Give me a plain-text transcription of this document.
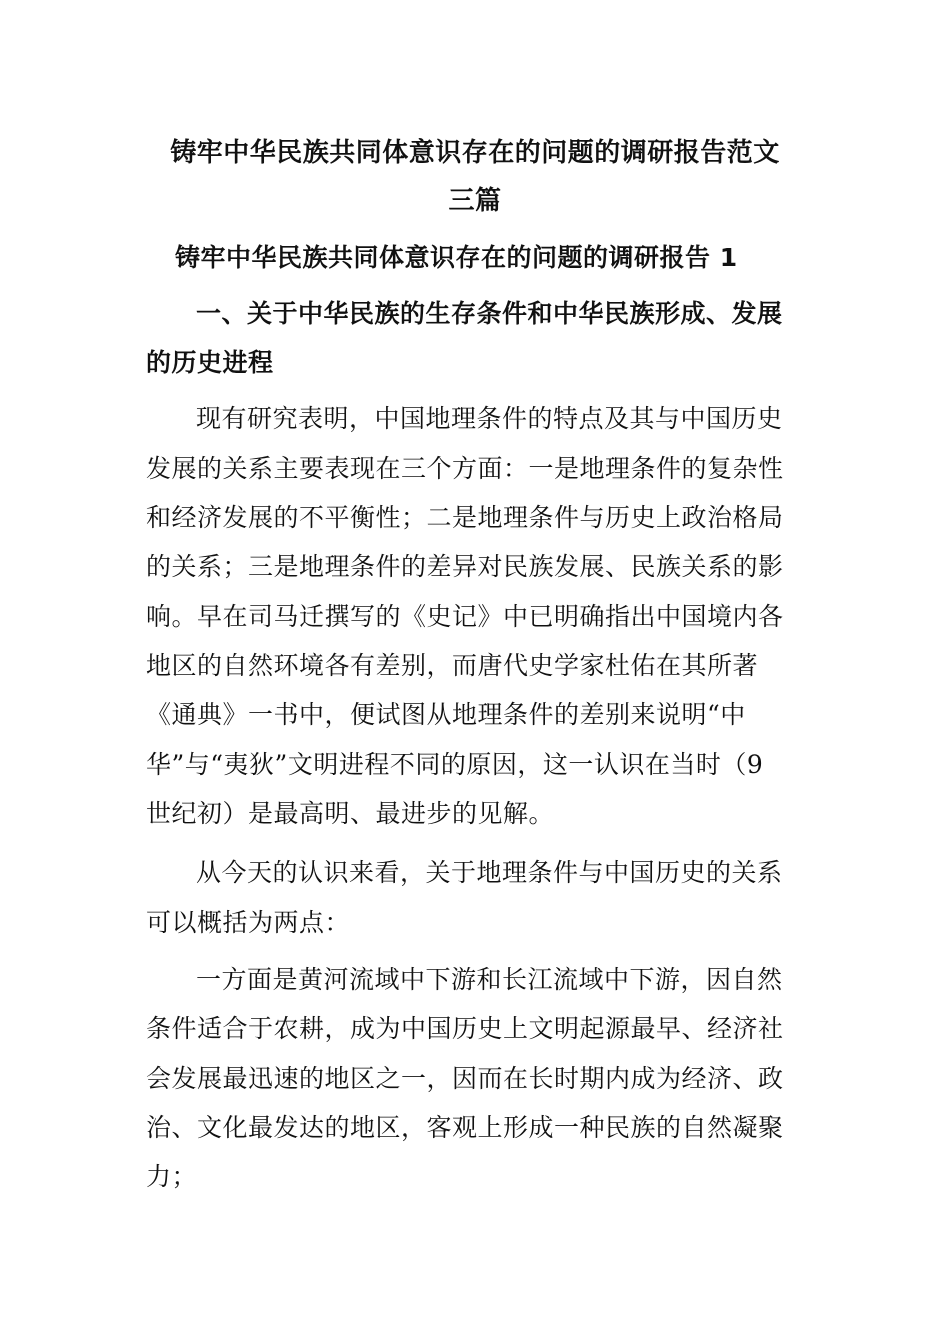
铸牢中华民族共同体意识存在的问题的调研报告范文
三篇
铸牢中华民族共同体意识存在的问题的调研报告 1
一、关于中华民族的生存条件和中华民族形成、发展
的历史进程
现有研究表明，中国地理条件的特点及其与中国历史
发展的关系主要表现在三个方面：一是地理条件的复杂性
和经济发展的不平衡性；二是地理条件与历史上政治格局
的关系；三是地理条件的差异对民族发展、民族关系的影
响。早在司马迁撰写的《史记》中已明确指出中国境内各
地区的自然环境各有差别，而唐代史学家杜佑在其所著
《通典》一书中，便试图从地理条件的差别来说明“中
华”与“夷狄”文明进程不同的原因，这一认识在当时（9
世纪初）是最高明、最进步的见解。
从今天的认识来看，关于地理条件与中国历史的关系
可以概括为两点：
一方面是黄河流域中下游和长江流域中下游，因自然
条件适合于农耕，成为中国历史上文明起源最早、经济社
会发展最迅速的地区之一，因而在长时期内成为经济、政
治、文化最发达的地区，客观上形成一种民族的自然凝聚
力；
